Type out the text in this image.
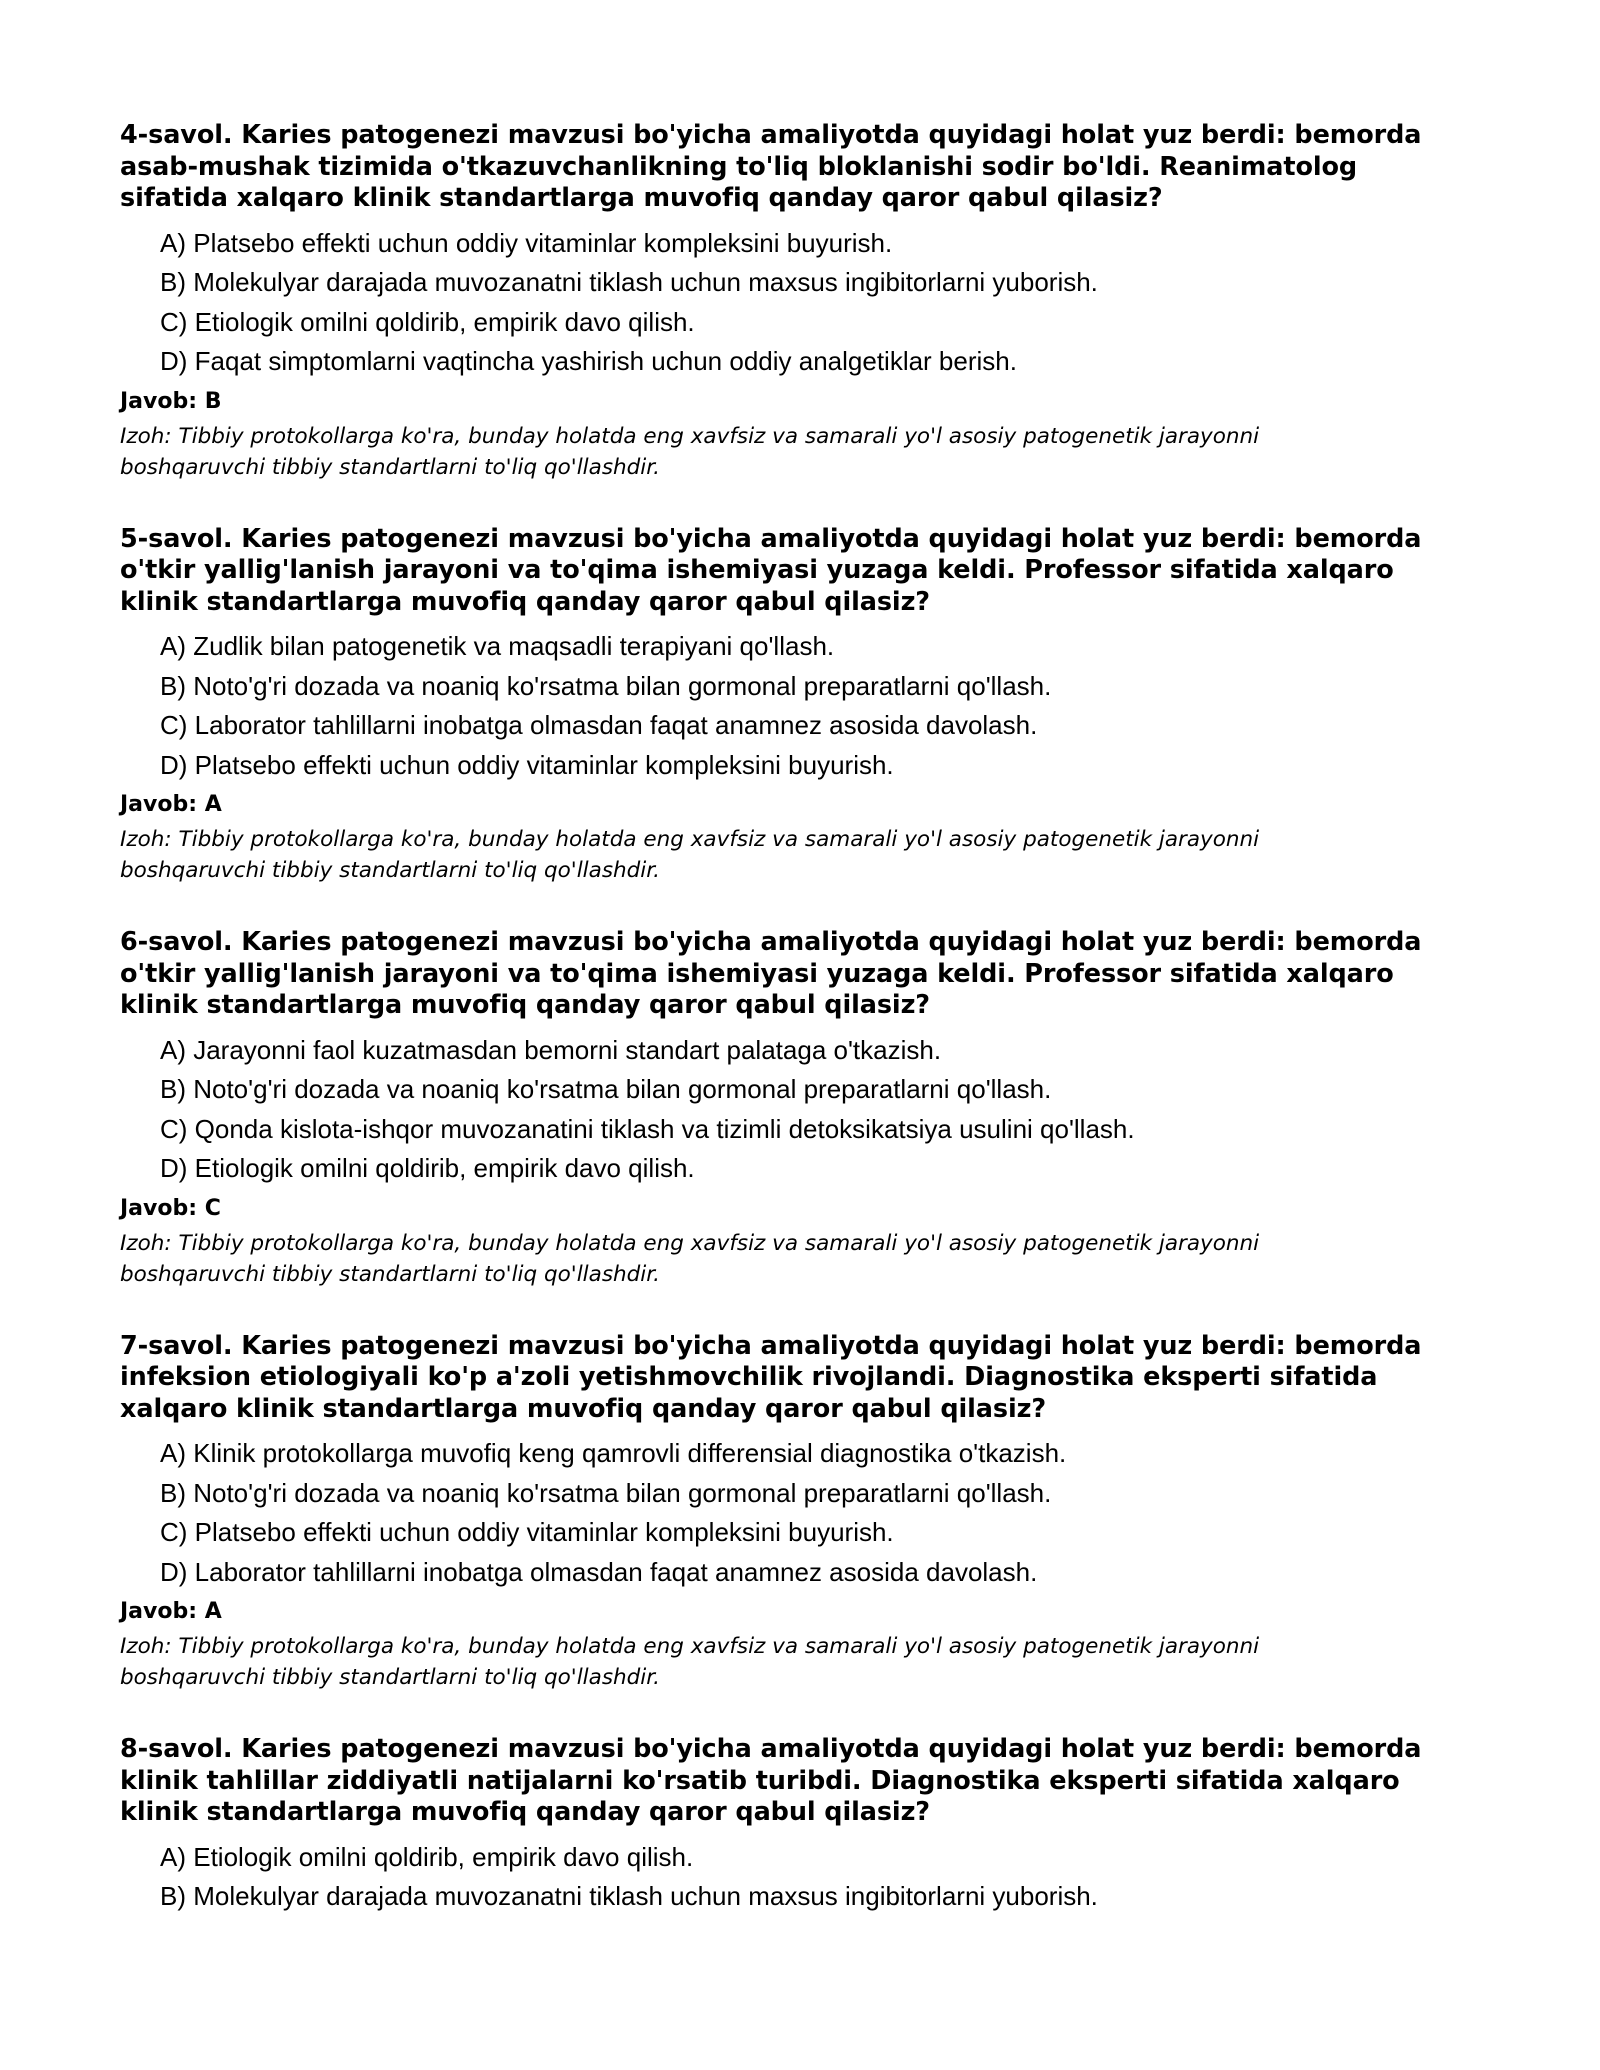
4-savol. Karies patogenezi mavzusi bo'yicha amaliyotda quyidagi holat yuz berdi: bemorda asab-mushak tizimida o'tkazuvchanlikning to'liq bloklanishi sodir bo'ldi. Reanimatolog sifatida xalqaro klinik standartlarga muvofiq qanday qaror qabul qilasiz?
A) Platsebo effekti uchun oddiy vitaminlar kompleksini buyurish.
B) Molekulyar darajada muvozanatni tiklash uchun maxsus ingibitorlarni yuborish.
C) Etiologik omilni qoldirib, empirik davo qilish.
D) Faqat simptomlarni vaqtincha yashirish uchun oddiy analgetiklar berish.
Javob: B

Izoh: Tibbiy protokollarga ko'ra, bunday holatda eng xavfsiz va samarali yo'l asosiy patogenetik jarayonni boshqaruvchi tibbiy standartlarni to'liq qo'llashdir.

5-savol. Karies patogenezi mavzusi bo'yicha amaliyotda quyidagi holat yuz berdi: bemorda o'tkir yallig'lanish jarayoni va to'qima ishemiyasi yuzaga keldi. Professor sifatida xalqaro klinik standartlarga muvofiq qanday qaror qabul qilasiz?
A) Zudlik bilan patogenetik va maqsadli terapiyani qo'llash.
B) Noto'g'ri dozada va noaniq ko'rsatma bilan gormonal preparatlarni qo'llash.
C) Laborator tahlillarni inobatga olmasdan faqat anamnez asosida davolash.
D) Platsebo effekti uchun oddiy vitaminlar kompleksini buyurish.
Javob: A

Izoh: Tibbiy protokollarga ko'ra, bunday holatda eng xavfsiz va samarali yo'l asosiy patogenetik jarayonni boshqaruvchi tibbiy standartlarni to'liq qo'llashdir.

6-savol. Karies patogenezi mavzusi bo'yicha amaliyotda quyidagi holat yuz berdi: bemorda o'tkir yallig'lanish jarayoni va to'qima ishemiyasi yuzaga keldi. Professor sifatida xalqaro klinik standartlarga muvofiq qanday qaror qabul qilasiz?
A) Jarayonni faol kuzatmasdan bemorni standart palataga o'tkazish.
B) Noto'g'ri dozada va noaniq ko'rsatma bilan gormonal preparatlarni qo'llash.
C) Qonda kislota-ishqor muvozanatini tiklash va tizimli detoksikatsiya usulini qo'llash.
D) Etiologik omilni qoldirib, empirik davo qilish.
Javob: C

Izoh: Tibbiy protokollarga ko'ra, bunday holatda eng xavfsiz va samarali yo'l asosiy patogenetik jarayonni boshqaruvchi tibbiy standartlarni to'liq qo'llashdir.

7-savol. Karies patogenezi mavzusi bo'yicha amaliyotda quyidagi holat yuz berdi: bemorda infeksion etiologiyali ko'p a'zoli yetishmovchilik rivojlandi. Diagnostika eksperti sifatida xalqaro klinik standartlarga muvofiq qanday qaror qabul qilasiz?
A) Klinik protokollarga muvofiq keng qamrovli differensial diagnostika o'tkazish.
B) Noto'g'ri dozada va noaniq ko'rsatma bilan gormonal preparatlarni qo'llash.
C) Platsebo effekti uchun oddiy vitaminlar kompleksini buyurish.
D) Laborator tahlillarni inobatga olmasdan faqat anamnez asosida davolash.
Javob: A

Izoh: Tibbiy protokollarga ko'ra, bunday holatda eng xavfsiz va samarali yo'l asosiy patogenetik jarayonni boshqaruvchi tibbiy standartlarni to'liq qo'llashdir.

8-savol. Karies patogenezi mavzusi bo'yicha amaliyotda quyidagi holat yuz berdi: bemorda klinik tahlillar ziddiyatli natijalarni ko'rsatib turibdi. Diagnostika eksperti sifatida xalqaro klinik standartlarga muvofiq qanday qaror qabul qilasiz?
A) Etiologik omilni qoldirib, empirik davo qilish.
B) Molekulyar darajada muvozanatni tiklash uchun maxsus ingibitorlarni yuborish.
